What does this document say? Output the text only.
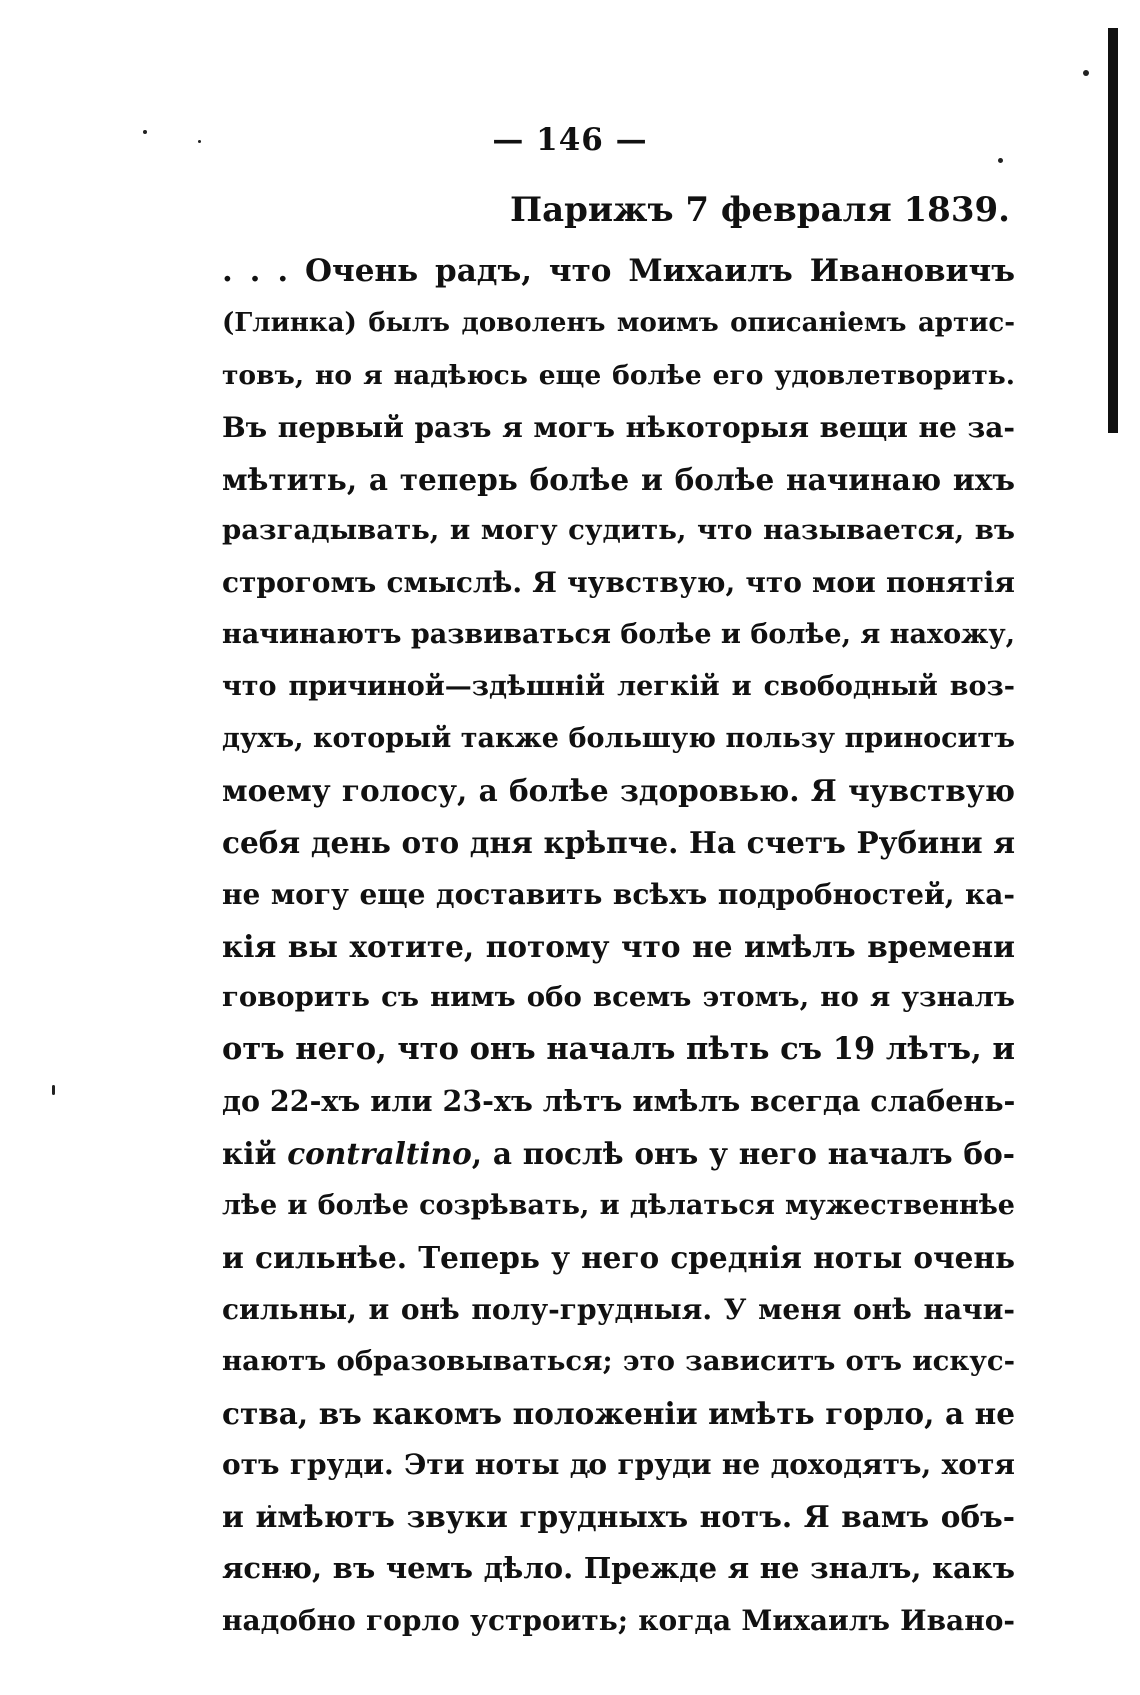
— 146 —
Парижъ 7 февраля 1839.
. . . Очень радъ, что Михаилъ Ивановичъ
(Глинка) былъ доволенъ моимъ описаніемъ артис-
товъ, но я надѣюсь еще болѣе его удовлетворить.
Въ первый разъ я могъ нѣкоторыя вещи не за-
мѣтить, а теперь болѣе и болѣе начинаю ихъ
разгадывать, и могу судить, что называется, въ
строгомъ смыслѣ. Я чувствую, что мои понятія
начинаютъ развиваться болѣе и болѣе, я нахожу,
что причиной—здѣшній легкій и свободный воз-
духъ, который также большую пользу приноситъ
моему голосу, а болѣе здоровью. Я чувствую
себя день ото дня крѣпче. На счетъ Рубини я
не могу еще доставить всѣхъ подробностей, ка-
кія вы хотите, потому что не имѣлъ времени
говорить съ нимъ обо всемъ этомъ, но я узналъ
отъ него, что онъ началъ пѣть съ 19 лѣтъ, и
до 22-хъ или 23-хъ лѣтъ имѣлъ всегда слабень-
кій contraltino, а послѣ онъ у него началъ бо-
лѣе и болѣе созрѣвать, и дѣлаться мужественнѣе
и сильнѣе. Теперь у него среднія ноты очень
сильны, и онѣ полу-грудныя. У меня онѣ начи-
наютъ образовываться; это зависитъ отъ искус-
ства, въ какомъ положеніи имѣть горло, а не
отъ груди. Эти ноты до груди не доходятъ, хотя
и имѣютъ звуки грудныхъ нотъ. Я вамъ объ-
ясню, въ чемъ дѣло. Прежде я не зналъ, какъ
надобно горло устроить; когда Михаилъ Ивано-
